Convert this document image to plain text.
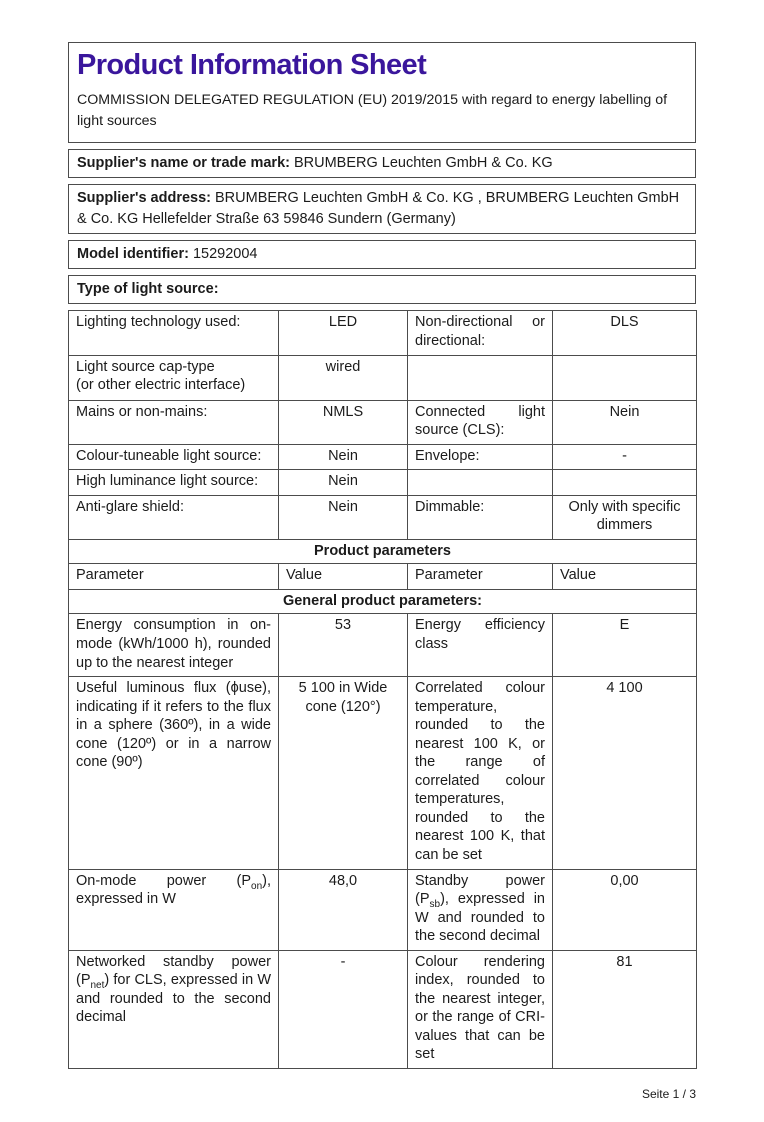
Product Information Sheet

COMMISSION DELEGATED REGULATION (EU) 2019/2015 with regard to energy labelling of light sources

Supplier's name or trade mark: BRUMBERG Leuchten GmbH & Co. KG
Supplier's address: BRUMBERG Leuchten GmbH & Co. KG , BRUMBERG Leuchten GmbH & Co. KG Hellefelder Straße 63 59846 Sundern (Germany)
Model identifier: 15292004
Type of light source:
Lighting technology used:	LED	Non-directional or directional:	DLS
Light source cap-type
(or other electric interface)	wired		
Mains or non-mains:	NMLS	Connected light source (CLS):	Nein
Colour-tuneable light source:	Nein	Envelope:	-
High luminance light source:	Nein		
Anti-glare shield:	Nein	Dimmable:	Only with specific dimmers
Product parameters			
Parameter	Value	Parameter	Value
General product parameters:			
Energy consumption in on-mode (kWh/1000 h), rounded up to the nearest integer	53	Energy efficiency class	E
Useful luminous flux (ϕuse), indicating if it refers to the flux in a sphere (360º), in a wide cone (120º) or in a narrow cone (90º)	5 100 in Wide cone (120°)	Correlated colour temperature, rounded to the nearest 100 K, or the range of correlated colour temperatures, rounded to the nearest 100 K, that can be set	4 100
On-mode power $(P_{on})$, expressed in W	48,0	Standby power $(P_{sb})$, expressed in W and rounded to the second decimal	0,00
Networked standby power $(P_{net})$ for CLS, expressed in W and rounded to the second decimal	-	Colour rendering index, rounded to the nearest integer, or the range of CRI-values that can be set	81
Seite 1 / 3
